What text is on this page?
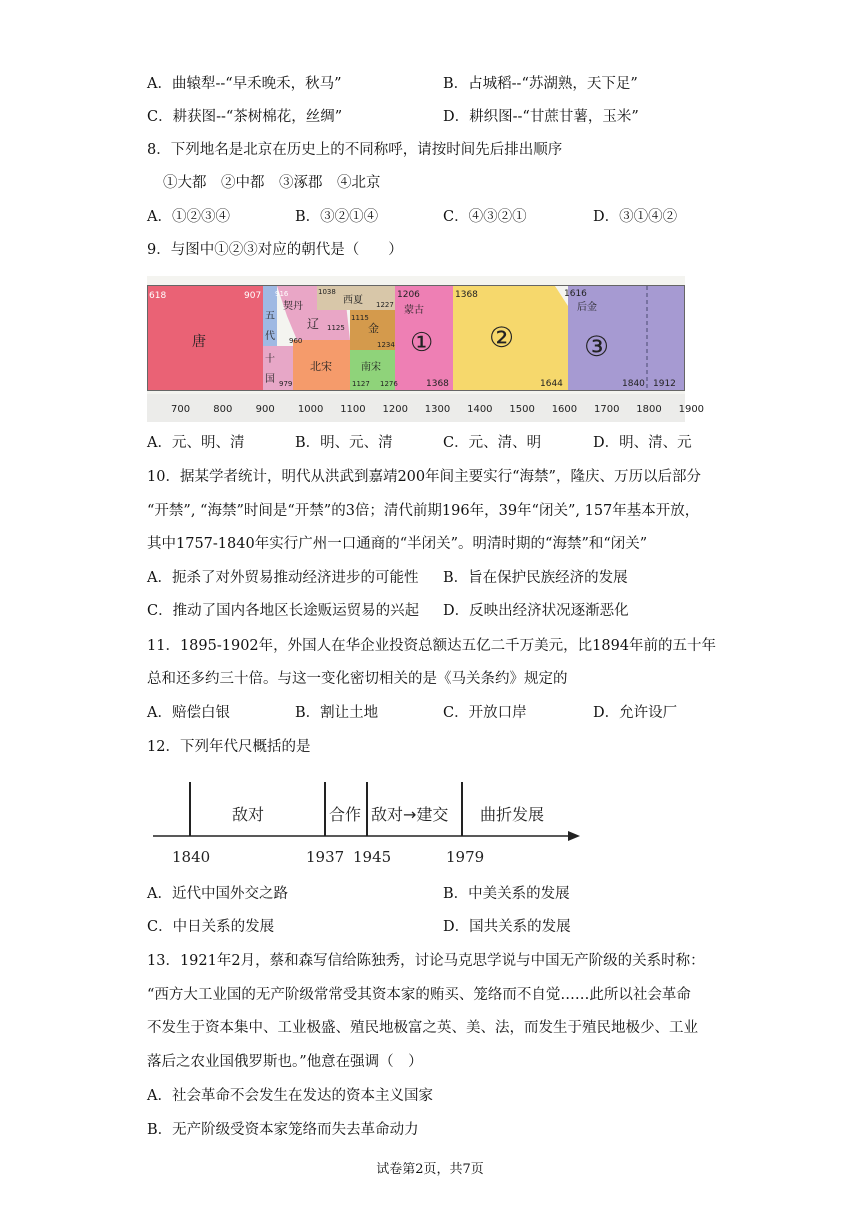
A．曲辕犁--“早禾晚禾，秋马”	B．占城稻--“苏湖熟，天下足”
C．耕获图--“茶树棉花，丝绸”	D．耕织图--“甘蔗甘薯，玉米”
8．下列地名是北京在历史上的不同称呼，请按时间先后排出顺序
①大都　②中都　③涿郡　④北京
A．①②③④	B．③②①④	C．④③②①	D．③①④②
9．与图中①②③对应的朝代是（　　）
618	907
唐
五
代
十
国
916
契丹
960
979
辽 1125
北宋
1038
西夏 1227
1115
金
1234
南宋
1127 1276
1206
蒙古
①
1368
1368
②
1644
1616
后金
③
1840 1912
700 800 900 1000 1100 1200 1300 1400 1500 1600 1700 1800 1900
A．元、明、清	B．明、元、清	C．元、清、明	D．明、清、元
10．据某学者统计，明代从洪武到嘉靖200年间主要实行“海禁”，隆庆、万历以后部分
“开禁”, “海禁”时间是“开禁”的3倍；清代前期196年，39年“闭关”, 157年基本开放，
其中1757-1840年实行广州一口通商的“半闭关”。明清时期的“海禁”和“闭关”
A．扼杀了对外贸易推动经济进步的可能性 B．旨在保护民族经济的发展
C．推动了国内各地区长途贩运贸易的兴起 D．反映出经济状况逐渐恶化
11．1895-1902年，外国人在华企业投资总额达五亿二千万美元，比1894年前的五十年
总和还多约三十倍。与这一变化密切相关的是《马关条约》规定的
A．赔偿白银	B．割让土地	C．开放口岸	D．允许设厂
12．下列年代尺概括的是
敌对	合作 敌对→建交 曲折发展
1840	1937 1945	1979
A．近代中国外交之路	B．中美关系的发展
C．中日关系的发展	D．国共关系的发展
13．1921年2月，蔡和森写信给陈独秀，讨论马克思学说与中国无产阶级的关系时称：
“西方大工业国的无产阶级常常受其资本家的贿买、笼络而不自觉……此所以社会革命
不发生于资本集中、工业极盛、殖民地极富之英、美、法，而发生于殖民地极少、工业
落后之农业国俄罗斯也。”他意在强调（　）
A．社会革命不会发生在发达的资本主义国家
B．无产阶级受资本家笼络而失去革命动力
试卷第2页，共7页
